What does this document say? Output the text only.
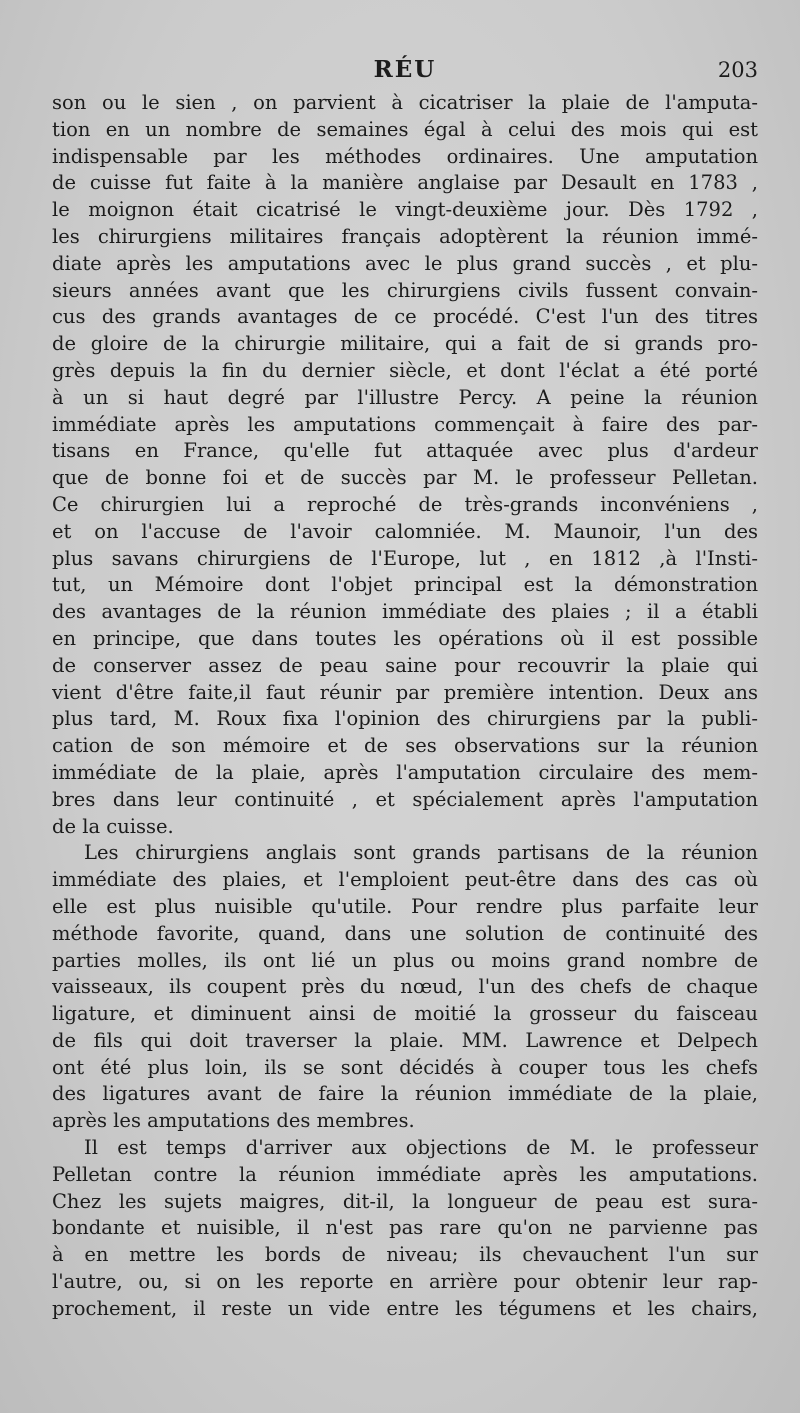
RÉU	203
son ou le sien , on parvient à cicatriser la plaie de l'amputa-
tion en un nombre de semaines égal à celui des mois qui est
indispensable par les méthodes ordinaires. Une amputation
de cuisse fut faite à la manière anglaise par Desault en 1783 ,
le moignon était cicatrisé le vingt-deuxième jour. Dès 1792 ,
les chirurgiens militaires français adoptèrent la réunion immé-
diate après les amputations avec le plus grand succès , et plu-
sieurs années avant que les chirurgiens civils fussent convain-
cus des grands avantages de ce procédé. C'est l'un des titres
de gloire de la chirurgie militaire, qui a fait de si grands pro-
grès depuis la fin du dernier siècle, et dont l'éclat a été porté
à un si haut degré par l'illustre Percy. A peine la réunion
immédiate après les amputations commençait à faire des par-
tisans en France, qu'elle fut attaquée avec plus d'ardeur
que de bonne foi et de succès par M. le professeur Pelletan.
Ce chirurgien lui a reproché de très-grands inconvéniens ,
et on l'accuse de l'avoir calomniée. M. Maunoir, l'un des
plus savans chirurgiens de l'Europe, lut , en 1812 ,à l'Insti-
tut, un Mémoire dont l'objet principal est la démonstration
des avantages de la réunion immédiate des plaies ; il a établi
en principe, que dans toutes les opérations où il est possible
de conserver assez de peau saine pour recouvrir la plaie qui
vient d'être faite,il faut réunir par première intention. Deux ans
plus tard, M. Roux fixa l'opinion des chirurgiens par la publi-
cation de son mémoire et de ses observations sur la réunion
immédiate de la plaie, après l'amputation circulaire des mem-
bres dans leur continuité , et spécialement après l'amputation
de la cuisse.
Les chirurgiens anglais sont grands partisans de la réunion
immédiate des plaies, et l'emploient peut-être dans des cas où
elle est plus nuisible qu'utile. Pour rendre plus parfaite leur
méthode favorite, quand, dans une solution de continuité des
parties molles, ils ont lié un plus ou moins grand nombre de
vaisseaux, ils coupent près du nœud, l'un des chefs de chaque
ligature, et diminuent ainsi de moitié la grosseur du faisceau
de fils qui doit traverser la plaie. MM. Lawrence et Delpech
ont été plus loin, ils se sont décidés à couper tous les chefs
des ligatures avant de faire la réunion immédiate de la plaie,
après les amputations des membres.
Il est temps d'arriver aux objections de M. le professeur
Pelletan contre la réunion immédiate après les amputations.
Chez les sujets maigres, dit-il, la longueur de peau est sura-
bondante et nuisible, il n'est pas rare qu'on ne parvienne pas
à en mettre les bords de niveau; ils chevauchent l'un sur
l'autre, ou, si on les reporte en arrière pour obtenir leur rap-
prochement, il reste un vide entre les tégumens et les chairs,
